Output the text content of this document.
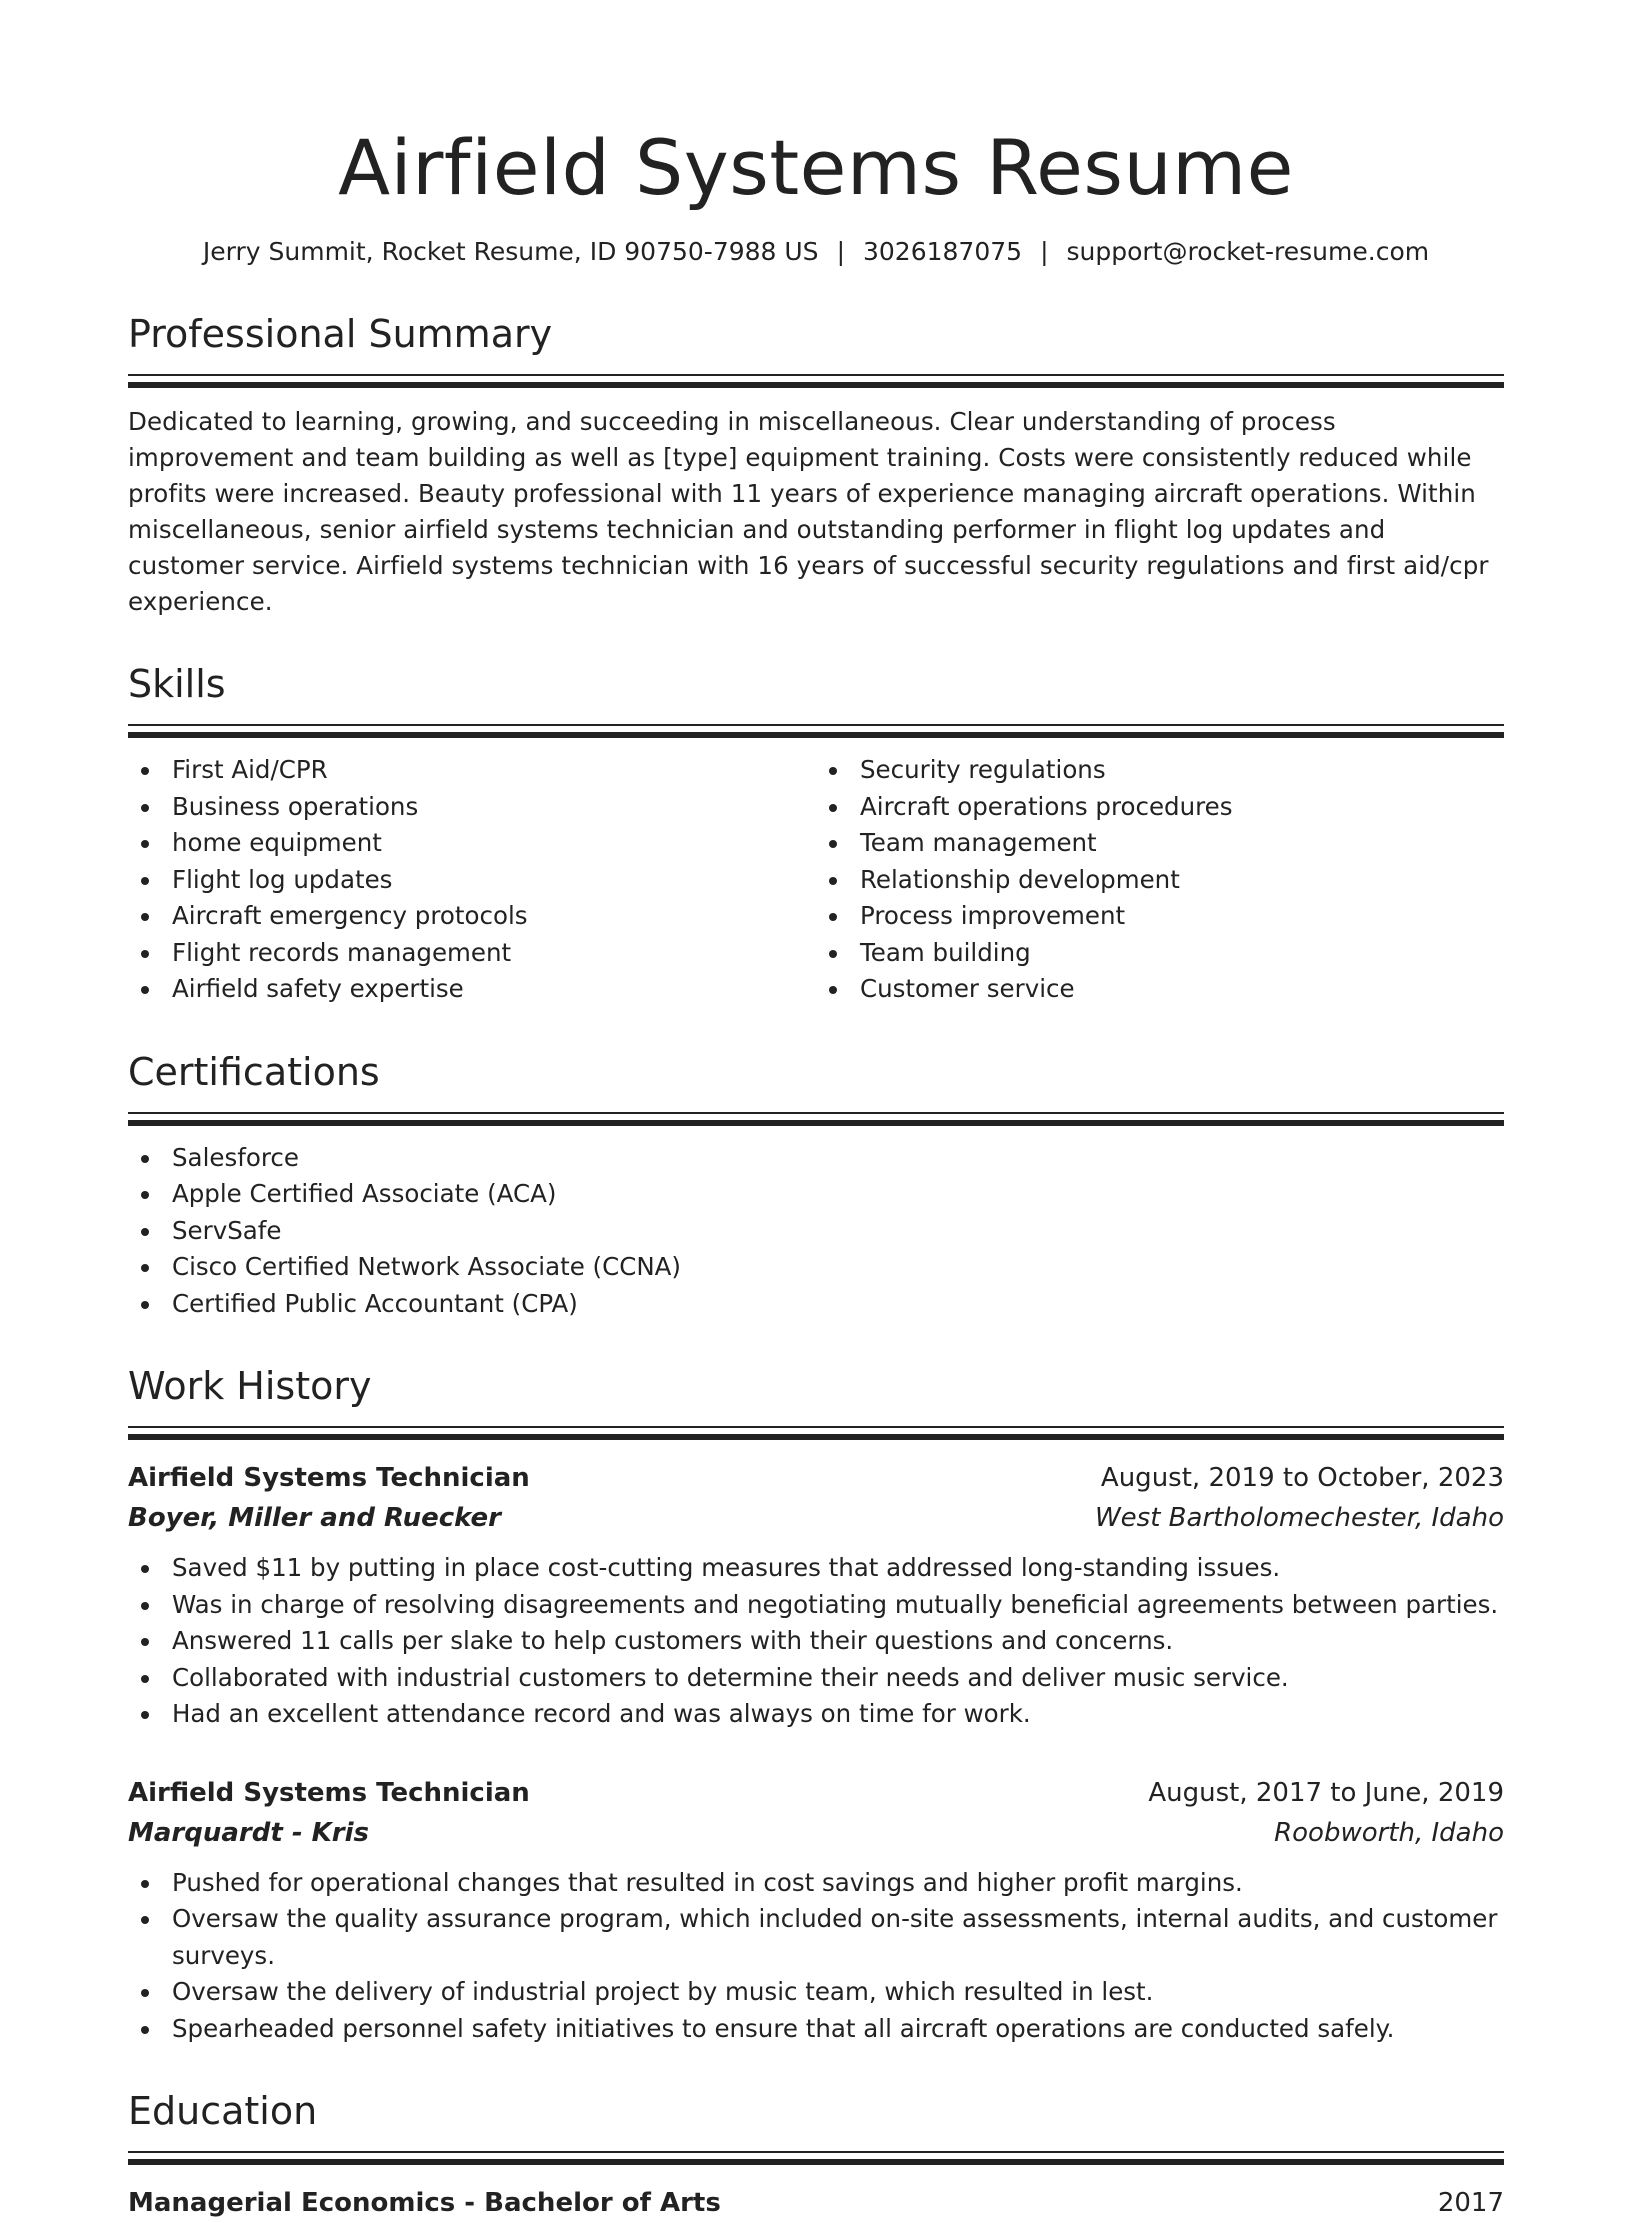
Airfield Systems Resume
Jerry Summit, Rocket Resume, ID 90750-7988 US | 3026187075 | support@rocket-resume.com
Professional Summary
Dedicated to learning, growing, and succeeding in miscellaneous. Clear understanding of process improvement and team building as well as [type] equipment training. Costs were consistently reduced while profits were increased. Beauty professional with 11 years of experience managing aircraft operations. Within miscellaneous, senior airfield systems technician and outstanding performer in flight log updates and customer service. Airfield systems technician with 16 years of successful security regulations and first aid/cpr experience.
Skills
First Aid/CPR
Business operations
home equipment
Flight log updates
Aircraft emergency protocols
Flight records management
Airfield safety expertise
Security regulations
Aircraft operations procedures
Team management
Relationship development
Process improvement
Team building
Customer service
Certifications
Salesforce
Apple Certified Associate (ACA)
ServSafe
Cisco Certified Network Associate (CCNA)
Certified Public Accountant (CPA)
Work History
Airfield Systems Technician	August, 2019 to October, 2023
Boyer, Miller and Ruecker	West Bartholomechester, Idaho
Saved $11 by putting in place cost-cutting measures that addressed long-standing issues.
Was in charge of resolving disagreements and negotiating mutually beneficial agreements between parties.
Answered 11 calls per slake to help customers with their questions and concerns.
Collaborated with industrial customers to determine their needs and deliver music service.
Had an excellent attendance record and was always on time for work.
Airfield Systems Technician	August, 2017 to June, 2019
Marquardt - Kris	Roobworth, Idaho
Pushed for operational changes that resulted in cost savings and higher profit margins.
Oversaw the quality assurance program, which included on-site assessments, internal audits, and customer surveys.
Oversaw the delivery of industrial project by music team, which resulted in lest.
Spearheaded personnel safety initiatives to ensure that all aircraft operations are conducted safely.
Education
Managerial Economics - Bachelor of Arts	2017
